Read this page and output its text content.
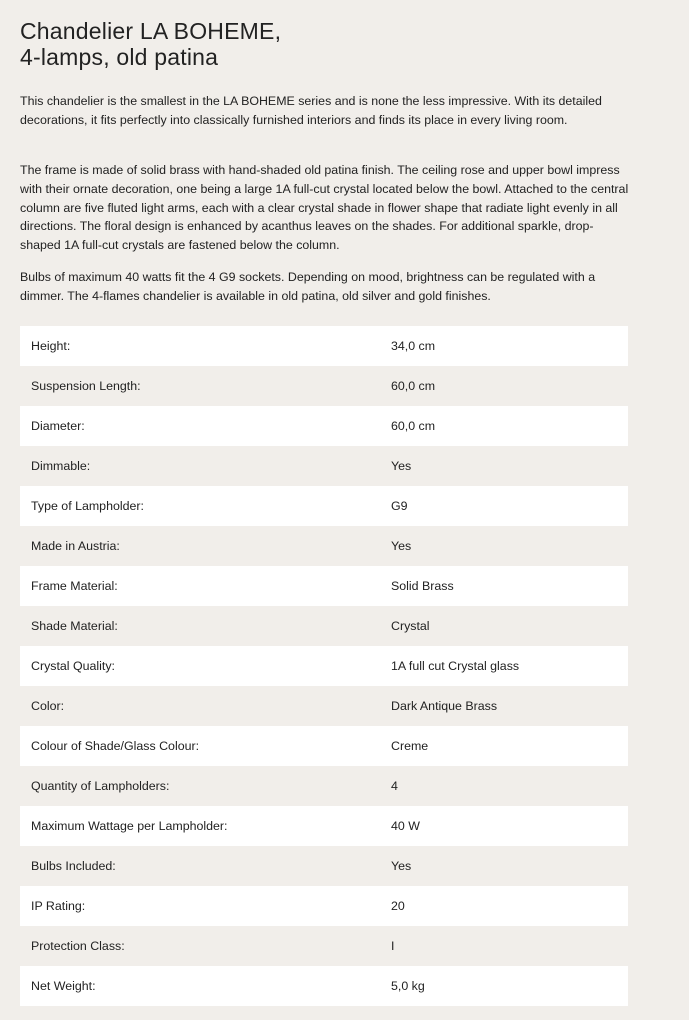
Chandelier LA BOHEME,
4-lamps, old patina

This chandelier is the smallest in the LA BOHEME series and is none the less impressive. With its detailed decorations, it fits perfectly into classically furnished interiors and finds its place in every living room.

The frame is made of solid brass with hand-shaded old patina finish. The ceiling rose and upper bowl impress with their ornate decoration, one being a large 1A full-cut crystal located below the bowl. Attached to the central column are five fluted light arms, each with a clear crystal shade in flower shape that radiate light evenly in all directions. The floral design is enhanced by acanthus leaves on the shades. For additional sparkle, drop-shaped 1A full-cut crystals are fastened below the column.

Bulbs of maximum 40 watts fit the 4 G9 sockets. Depending on mood, brightness can be regulated with a dimmer. The 4-flames chandelier is available in old patina, old silver and gold finishes.

Height:	34,0 cm
Suspension Length:	60,0 cm
Diameter:	60,0 cm
Dimmable:	Yes
Type of Lampholder:	G9
Made in Austria:	Yes
Frame Material:	Solid Brass
Shade Material:	Crystal
Crystal Quality:	1A full cut Crystal glass
Color:	Dark Antique Brass
Colour of Shade/Glass Colour:	Creme
Quantity of Lampholders:	4
Maximum Wattage per Lampholder:	40 W
Bulbs Included:	Yes
IP Rating:	20
Protection Class:	I
Net Weight:	5,0 kg
